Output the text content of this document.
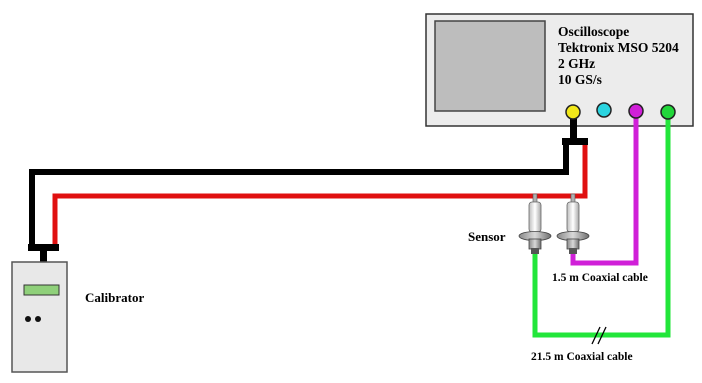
Oscilloscope
Tektronix MSO 5204
2 GHz
10 GS/s
Calibrator
Sensor
1.5 m Coaxial cable
21.5 m Coaxial cable
